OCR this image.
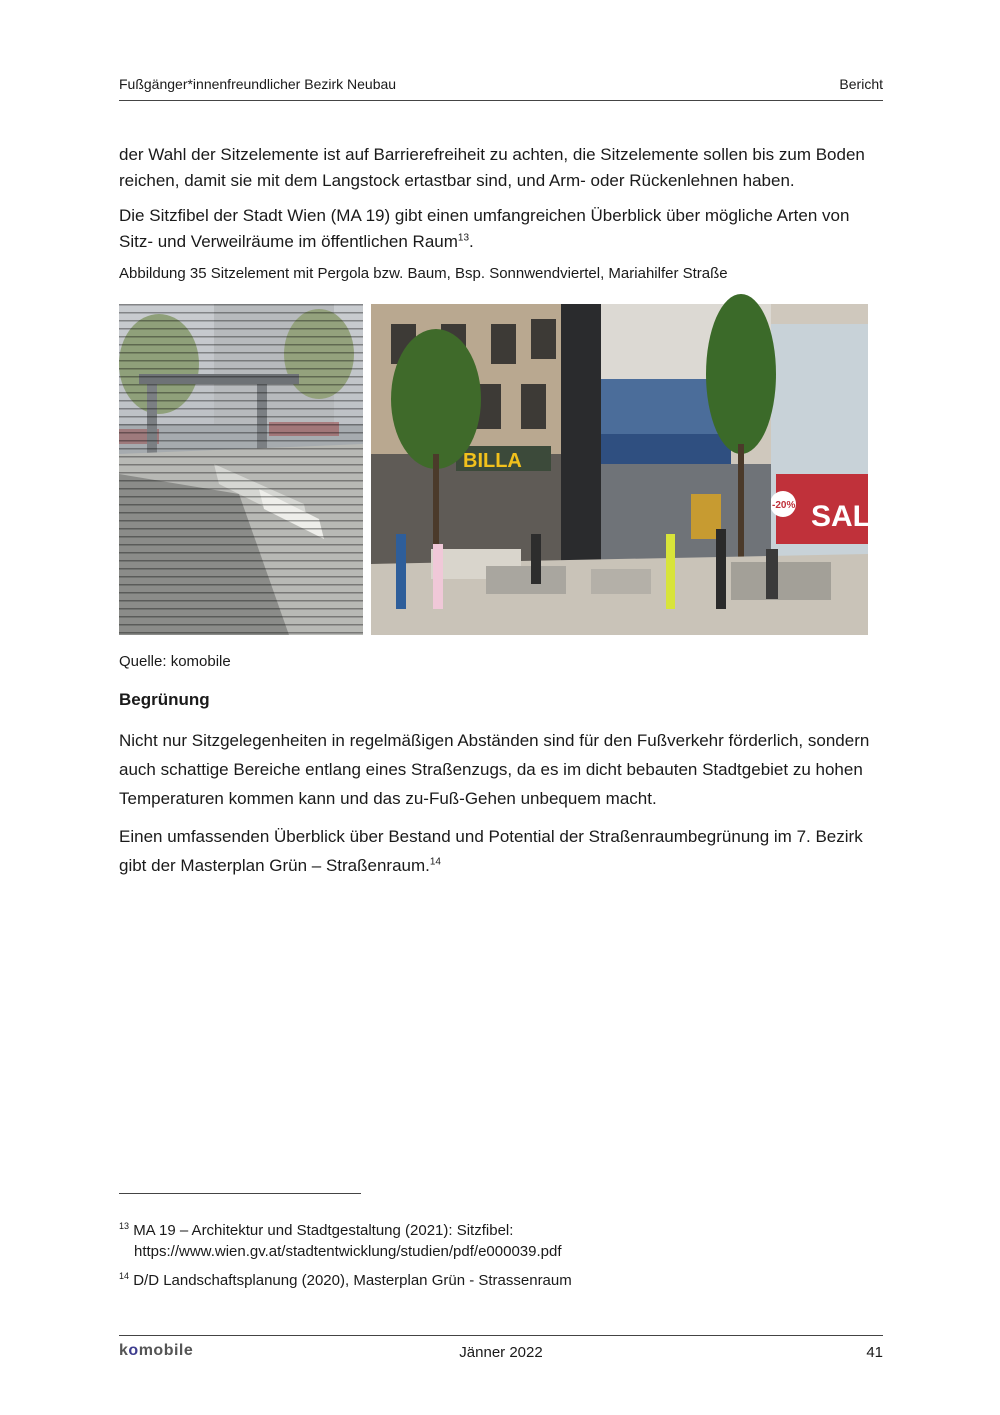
Fußgänger*innenfreundlicher Bezirk Neubau	Bericht

der Wahl der Sitzelemente ist auf Barrierefreiheit zu achten, die Sitzelemente sollen bis zum Boden reichen, damit sie mit dem Langstock ertastbar sind, und Arm- oder Rückenlehnen haben.

Die Sitzfibel der Stadt Wien (MA 19) gibt einen umfangreichen Überblick über mögliche Arten von Sitz- und Verweilräume im öffentlichen Raum$^{13}$.

Abbildung 35 Sitzelement mit Pergola bzw. Baum, Bsp. Sonnwendviertel, Mariahilfer Straße
SALE
-20%
BILLA
Quelle: komobile
Begrünung

Nicht nur Sitzgelegenheiten in regelmäßigen Abständen sind für den Fußverkehr förderlich, sondern auch schattige Bereiche entlang eines Straßenzugs, da es im dicht bebauten Stadtgebiet zu hohen Temperaturen kommen kann und das zu-Fuß-Gehen unbequem macht.

Einen umfassenden Überblick über Bestand und Potential der Straßenraumbegrünung im 7. Bezirk gibt der Masterplan Grün – Straßenraum.$^{14}$

$^{13}$ MA 19 – Architektur und Stadtgestaltung (2021): Sitzfibel:
https://www.wien.gv.at/stadtentwicklung/studien/pdf/e000039.pdf
$^{14}$ D/D Landschaftsplanung (2020), Masterplan Grün - Strassenraum
komobile	Jänner 2022	41
